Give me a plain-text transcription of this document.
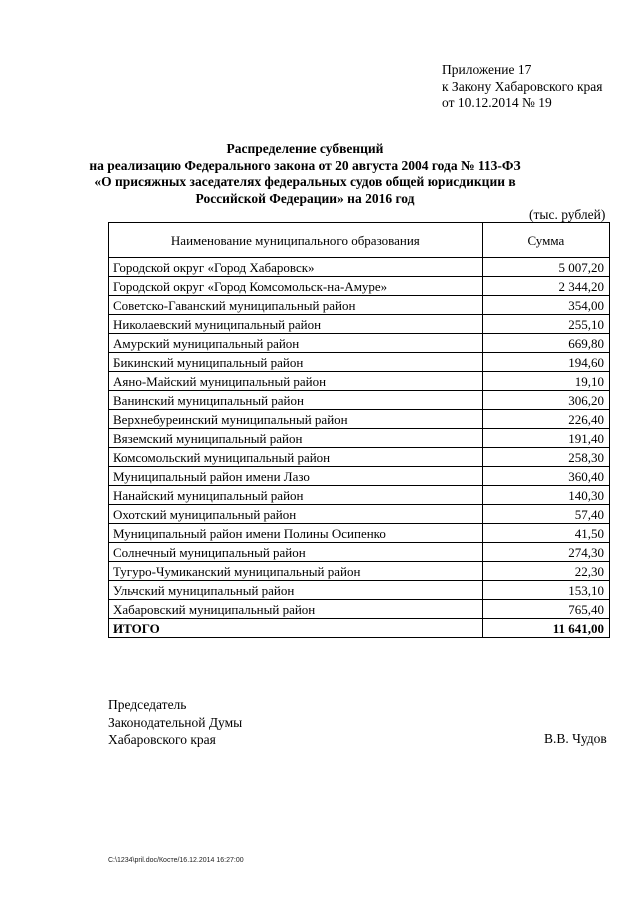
Приложение 17
к Закону Хабаровского края
от 10.12.2014 № 19
Распределение субвенций
на реализацию Федерального закона от 20 августа 2004 года № 113-ФЗ
«О присяжных заседателях федеральных судов общей юрисдикции в
Российской Федерации» на 2016 год
(тыс. рублей)
Наименование муниципального образования	Сумма
Городской округ «Город Хабаровск»	5 007,20
Городской округ «Город Комсомольск-на-Амуре»	2 344,20
Советско-Гаванский муниципальный район	354,00
Николаевский муниципальный район	255,10
Амурский муниципальный район	669,80
Бикинский муниципальный район	194,60
Аяно-Майский муниципальный район	19,10
Ванинский муниципальный район	306,20
Верхнебуреинский муниципальный район	226,40
Вяземский муниципальный район	191,40
Комсомольский муниципальный район	258,30
Муниципальный район имени Лазо	360,40
Нанайский муниципальный район	140,30
Охотский муниципальный район	57,40
Муниципальный район имени Полины Осипенко	41,50
Солнечный муниципальный район	274,30
Тугуро-Чумиканский муниципальный район	22,30
Ульчский муниципальный район	153,10
Хабаровский муниципальный район	765,40
ИТОГО	11 641,00
Председатель
Законодательной Думы
Хабаровского края	В.В. Чудов
C:\1234\pril.doc/Косте/16.12.2014 16:27:00
